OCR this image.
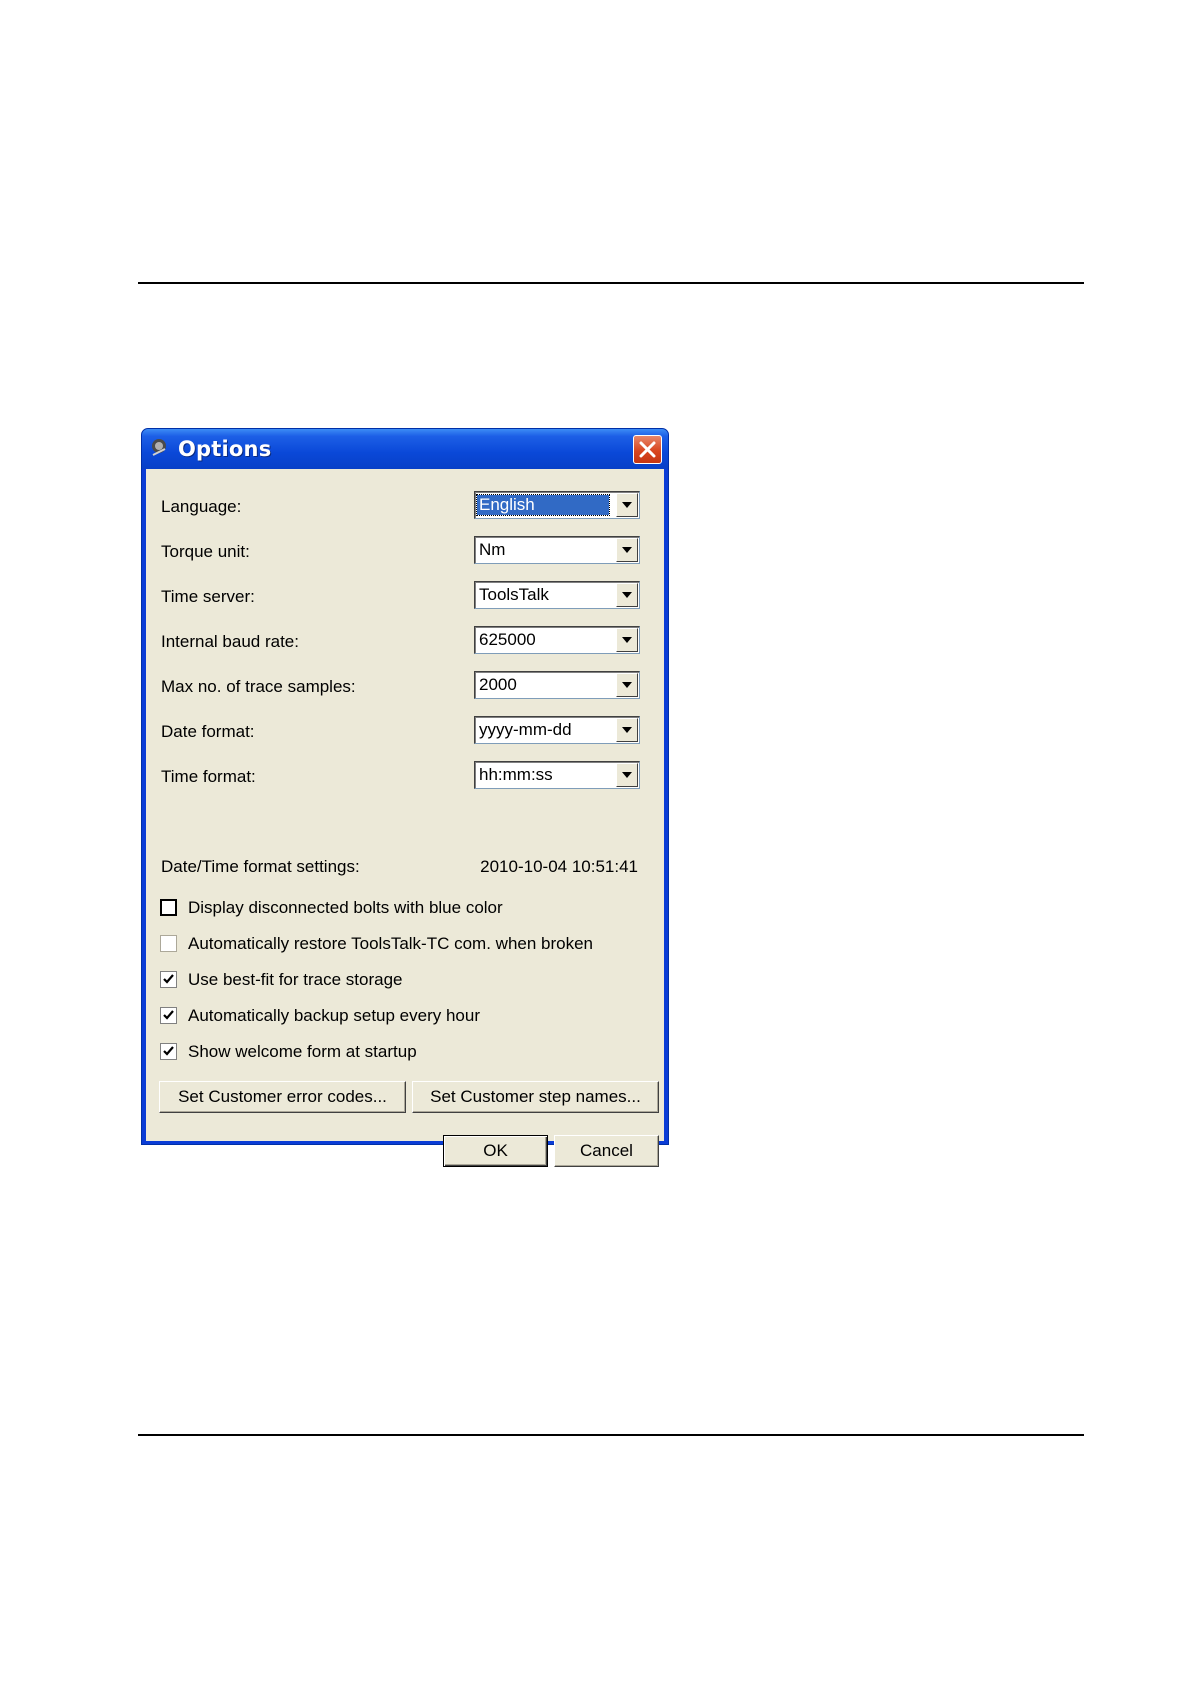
Options
Language:	English
Torque unit:	Nm
Time server:	ToolsTalk
Internal baud rate:	625000
Max no. of trace samples:	2000
Date format:	yyyy-mm-dd
Time format:	hh:mm:ss
Date/Time format settings:	2010-10-04 10:51:41
Display disconnected bolts with blue color
Automatically restore ToolsTalk-TC com. when broken
Use best-fit for trace storage
Automatically backup setup every hour
Show welcome form at startup
Set Customer error codes...	Set Customer step names...
OK	Cancel
